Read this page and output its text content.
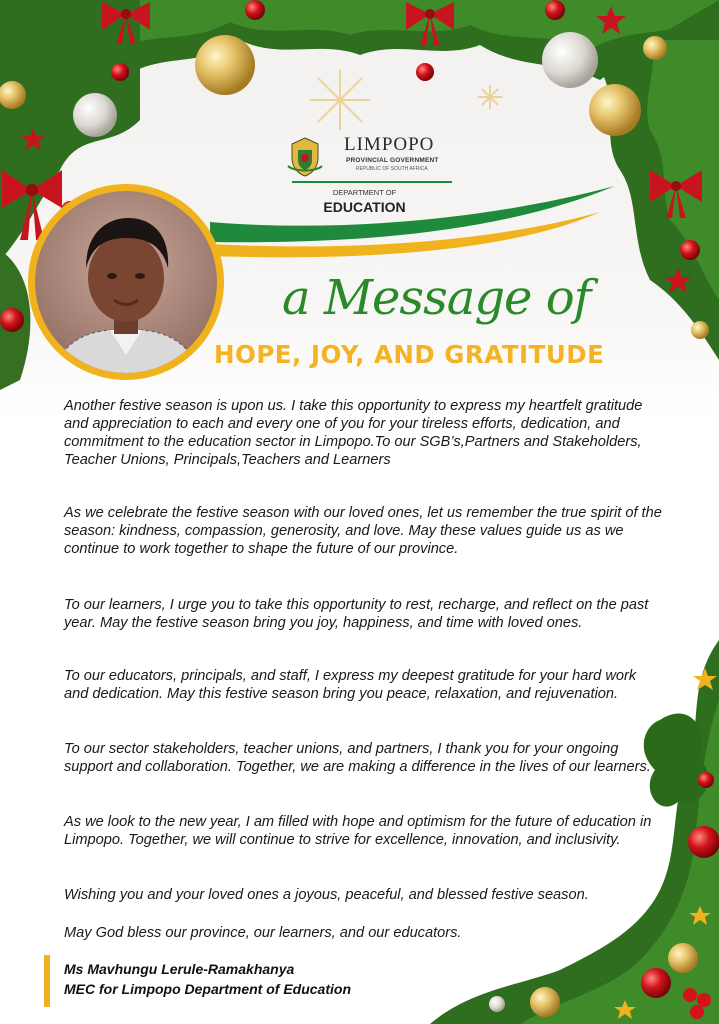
LIMPOPO
PROVINCIAL GOVERNMENT
REPUBLIC OF SOUTH AFRICA
DEPARTMENT OF
EDUCATION
a Message of
HOPE, JOY, AND GRATITUDE

Another festive season is upon us. I take this opportunity to express my heartfelt gratitude and appreciation to each and every one of you for your tireless efforts, dedication, and commitment to the education sector in Limpopo.To our SGB’s,Partners and Stakeholders, Teacher Unions, Principals,Teachers and Learners

As we celebrate the festive season with our loved ones, let us remember the true spirit of the season: kindness, compassion, generosity, and love. May these values guide us as we continue to work together to shape the future of our province.

To our learners, I urge you to take this opportunity to rest, recharge, and reflect on the past year. May the festive season bring you joy, happiness, and time with loved ones.

To our educators, principals, and staff, I express my deepest gratitude for your hard work and dedication. May this festive season bring you peace, relaxation, and rejuvenation.

To our sector stakeholders, teacher unions, and partners, I thank you for your ongoing support and collaboration. Together, we are making a difference in the lives of our learners.

As we look to the new year, I am filled with hope and optimism for the future of education in Limpopo. Together, we will continue to strive for excellence, innovation, and inclusivity.

Wishing you and your loved ones a joyous, peaceful, and blessed festive season.

May God bless our province, our learners, and our educators.

Ms Mavhungu Lerule-Ramakhanya
MEC for Limpopo Department of Education
